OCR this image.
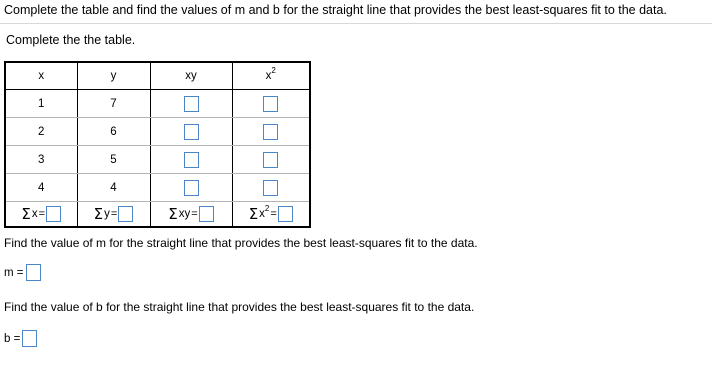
Complete the table and find the values of m and b for the straight line that provides the best least-squares fit to the data.
Complete the the table.
x	y	xy	$x^2$
1	7		
2	6		
3	5		
4	4		

Σ x =	Σ y =	Σ xy =	Σ x 2 =
Find the value of m for the straight line that provides the best least-squares fit to the data.
m =
Find the value of b for the straight line that provides the best least-squares fit to the data.
b =
